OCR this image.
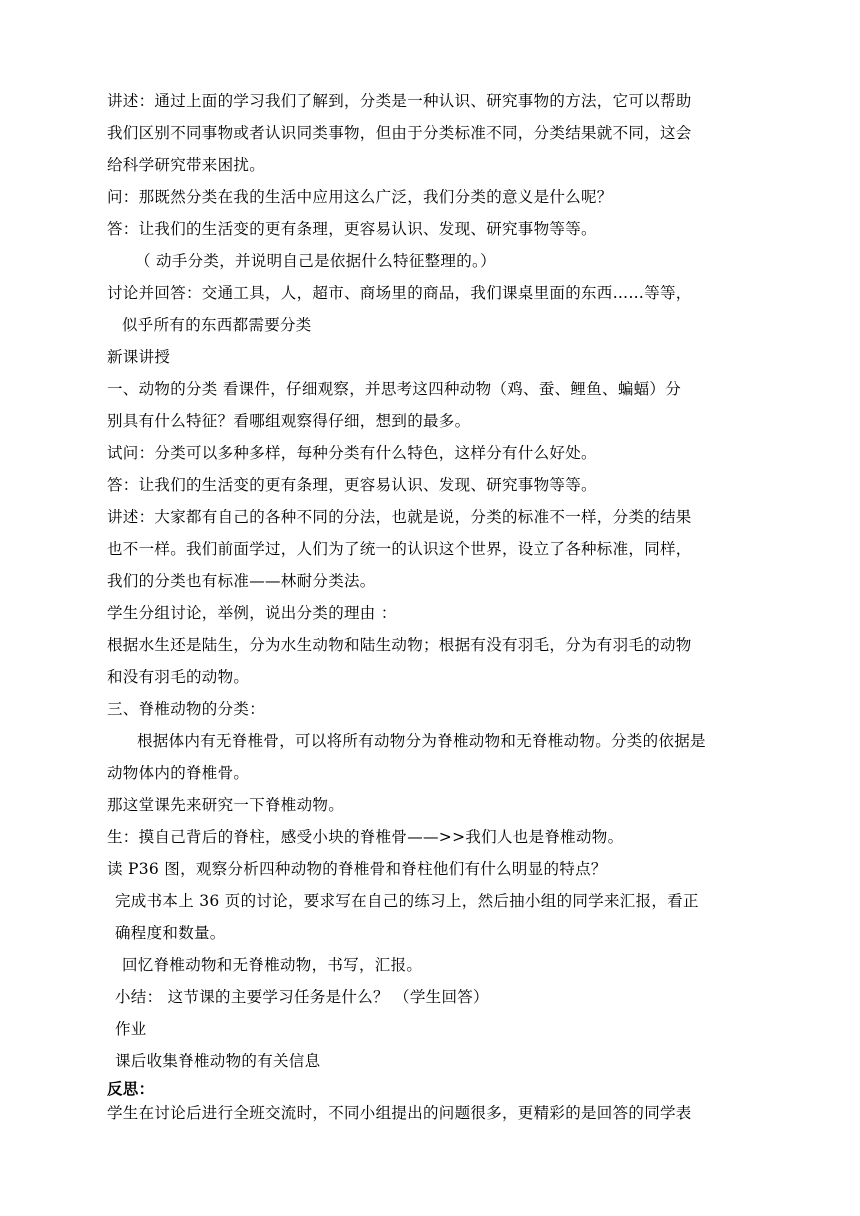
讲述：通过上面的学习我们了解到，分类是一种认识、研究事物的方法，它可以帮助
我们区别不同事物或者认识同类事物，但由于分类标准不同，分类结果就不同，这会
给科学研究带来困扰。
问：那既然分类在我的生活中应用这么广泛，我们分类的意义是什么呢？
答：让我们的生活变的更有条理，更容易认识、发现、研究事物等等。
（ 动手分类，并说明自己是依据什么特征整理的。）
讨论并回答：交通工具，人，超市、商场里的商品，我们课桌里面的东西……等等，
似乎所有的东西都需要分类
新课讲授
一、动物的分类 看课件，仔细观察，并思考这四种动物（鸡、蚕、鲤鱼、蝙蝠）分
别具有什么特征？看哪组观察得仔细，想到的最多。
试问：分类可以多种多样，每种分类有什么特色，这样分有什么好处。
答：让我们的生活变的更有条理，更容易认识、发现、研究事物等等。
讲述：大家都有自己的各种不同的分法，也就是说，分类的标准不一样，分类的结果
也不一样。我们前面学过，人们为了统一的认识这个世界，设立了各种标准，同样，
我们的分类也有标准——林耐分类法。
学生分组讨论，举例，说出分类的理由 ：
根据水生还是陆生，分为水生动物和陆生动物；根据有没有羽毛，分为有羽毛的动物
和没有羽毛的动物。
三、脊椎动物的分类：
根据体内有无脊椎骨，可以将所有动物分为脊椎动物和无脊椎动物。分类的依据是
动物体内的脊椎骨。
那这堂课先来研究一下脊椎动物。
生：摸自己背后的脊柱，感受小块的脊椎骨——>>我们人也是脊椎动物。
读 P36 图，观察分析四种动物的脊椎骨和脊柱他们有什么明显的特点？
完成书本上 36 页的讨论，要求写在自己的练习上，然后抽小组的同学来汇报，看正
确程度和数量。
回忆脊椎动物和无脊椎动物，书写，汇报。
小结： 这节课的主要学习任务是什么？ （学生回答）
作业
课后收集脊椎动物的有关信息
反思：
学生在讨论后进行全班交流时，不同小组提出的问题很多，更精彩的是回答的同学表
